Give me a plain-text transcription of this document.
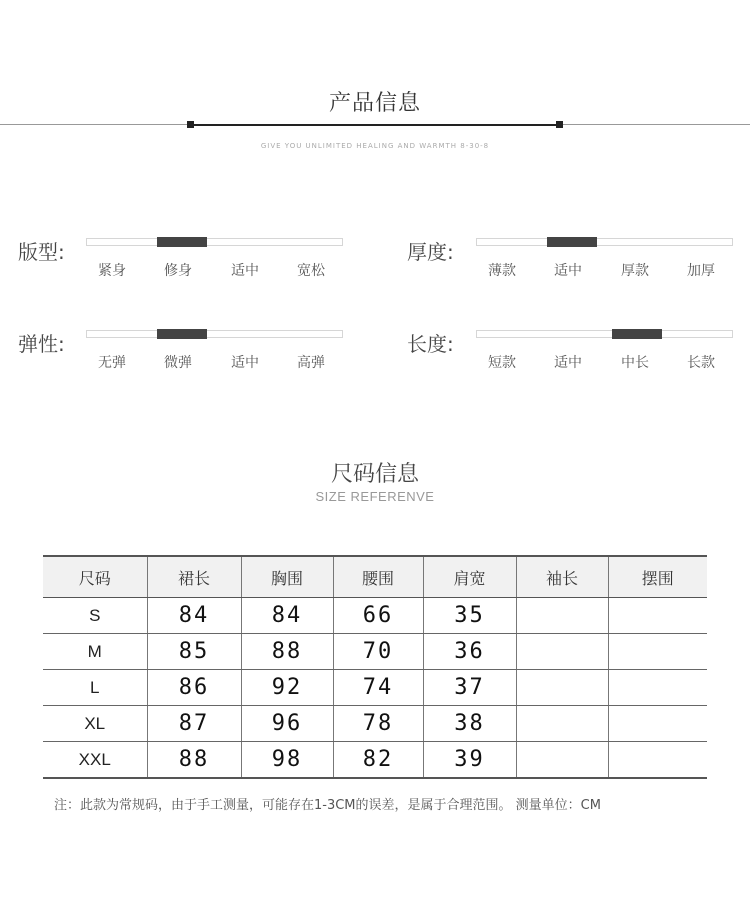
产品信息
GIVE YOU UNLIMITED HEALING AND WARMTH 8-30-8
版型:
紧身	修身	适中	宽松
厚度:
薄款	适中	厚款	加厚
弹性:
无弹	微弹	适中	高弹
长度:
短款	适中	中长	长款
尺码信息
SIZE REFERENVE
尺码	裙长	胸围	腰围	肩宽	袖长	摆围
S	84	84	66	35		
M	85	88	70	36		
L	86	92	74	37		
XL	87	96	78	38		
XXL	88	98	82	39		
注：此款为常规码，由于手工测量，可能存在1-3CM的误差，是属于合理范围。 测量单位：CM
